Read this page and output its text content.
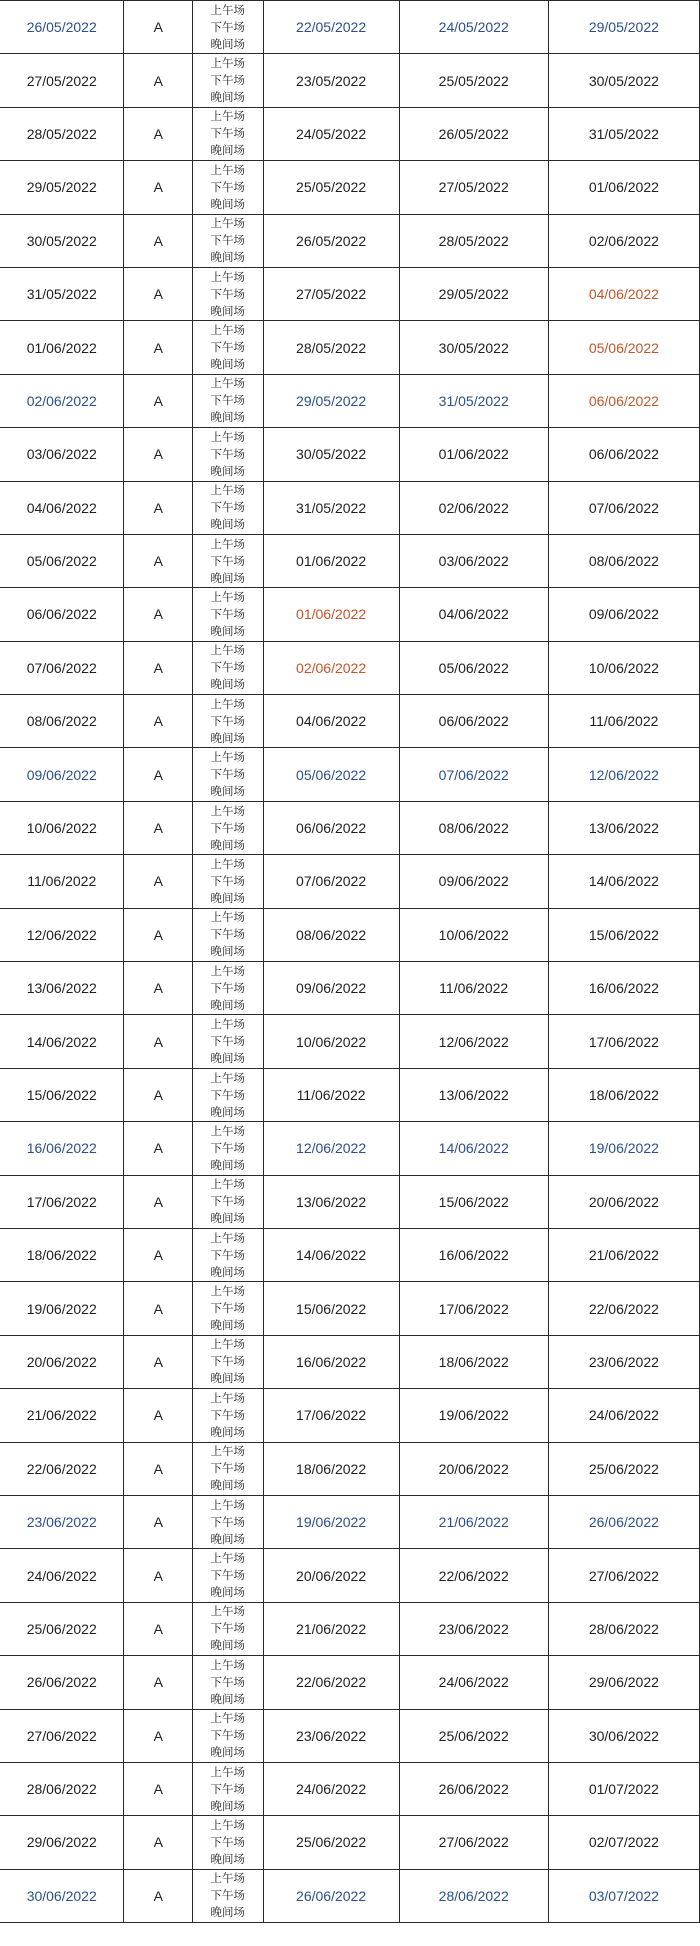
26/05/2022	A	上午场
下午场
晚间场	22/05/2022	24/05/2022	29/05/2022
27/05/2022	A	上午场
下午场
晚间场	23/05/2022	25/05/2022	30/05/2022
28/05/2022	A	上午场
下午场
晚间场	24/05/2022	26/05/2022	31/05/2022
29/05/2022	A	上午场
下午场
晚间场	25/05/2022	27/05/2022	01/06/2022
30/05/2022	A	上午场
下午场
晚间场	26/05/2022	28/05/2022	02/06/2022
31/05/2022	A	上午场
下午场
晚间场	27/05/2022	29/05/2022	04/06/2022
01/06/2022	A	上午场
下午场
晚间场	28/05/2022	30/05/2022	05/06/2022
02/06/2022	A	上午场
下午场
晚间场	29/05/2022	31/05/2022	06/06/2022
03/06/2022	A	上午场
下午场
晚间场	30/05/2022	01/06/2022	06/06/2022
04/06/2022	A	上午场
下午场
晚间场	31/05/2022	02/06/2022	07/06/2022
05/06/2022	A	上午场
下午场
晚间场	01/06/2022	03/06/2022	08/06/2022
06/06/2022	A	上午场
下午场
晚间场	01/06/2022	04/06/2022	09/06/2022
07/06/2022	A	上午场
下午场
晚间场	02/06/2022	05/06/2022	10/06/2022
08/06/2022	A	上午场
下午场
晚间场	04/06/2022	06/06/2022	11/06/2022
09/06/2022	A	上午场
下午场
晚间场	05/06/2022	07/06/2022	12/06/2022
10/06/2022	A	上午场
下午场
晚间场	06/06/2022	08/06/2022	13/06/2022
11/06/2022	A	上午场
下午场
晚间场	07/06/2022	09/06/2022	14/06/2022
12/06/2022	A	上午场
下午场
晚间场	08/06/2022	10/06/2022	15/06/2022
13/06/2022	A	上午场
下午场
晚间场	09/06/2022	11/06/2022	16/06/2022
14/06/2022	A	上午场
下午场
晚间场	10/06/2022	12/06/2022	17/06/2022
15/06/2022	A	上午场
下午场
晚间场	11/06/2022	13/06/2022	18/06/2022
16/06/2022	A	上午场
下午场
晚间场	12/06/2022	14/06/2022	19/06/2022
17/06/2022	A	上午场
下午场
晚间场	13/06/2022	15/06/2022	20/06/2022
18/06/2022	A	上午场
下午场
晚间场	14/06/2022	16/06/2022	21/06/2022
19/06/2022	A	上午场
下午场
晚间场	15/06/2022	17/06/2022	22/06/2022
20/06/2022	A	上午场
下午场
晚间场	16/06/2022	18/06/2022	23/06/2022
21/06/2022	A	上午场
下午场
晚间场	17/06/2022	19/06/2022	24/06/2022
22/06/2022	A	上午场
下午场
晚间场	18/06/2022	20/06/2022	25/06/2022
23/06/2022	A	上午场
下午场
晚间场	19/06/2022	21/06/2022	26/06/2022
24/06/2022	A	上午场
下午场
晚间场	20/06/2022	22/06/2022	27/06/2022
25/06/2022	A	上午场
下午场
晚间场	21/06/2022	23/06/2022	28/06/2022
26/06/2022	A	上午场
下午场
晚间场	22/06/2022	24/06/2022	29/06/2022
27/06/2022	A	上午场
下午场
晚间场	23/06/2022	25/06/2022	30/06/2022
28/06/2022	A	上午场
下午场
晚间场	24/06/2022	26/06/2022	01/07/2022
29/06/2022	A	上午场
下午场
晚间场	25/06/2022	27/06/2022	02/07/2022
30/06/2022	A	上午场
下午场
晚间场	26/06/2022	28/06/2022	03/07/2022
